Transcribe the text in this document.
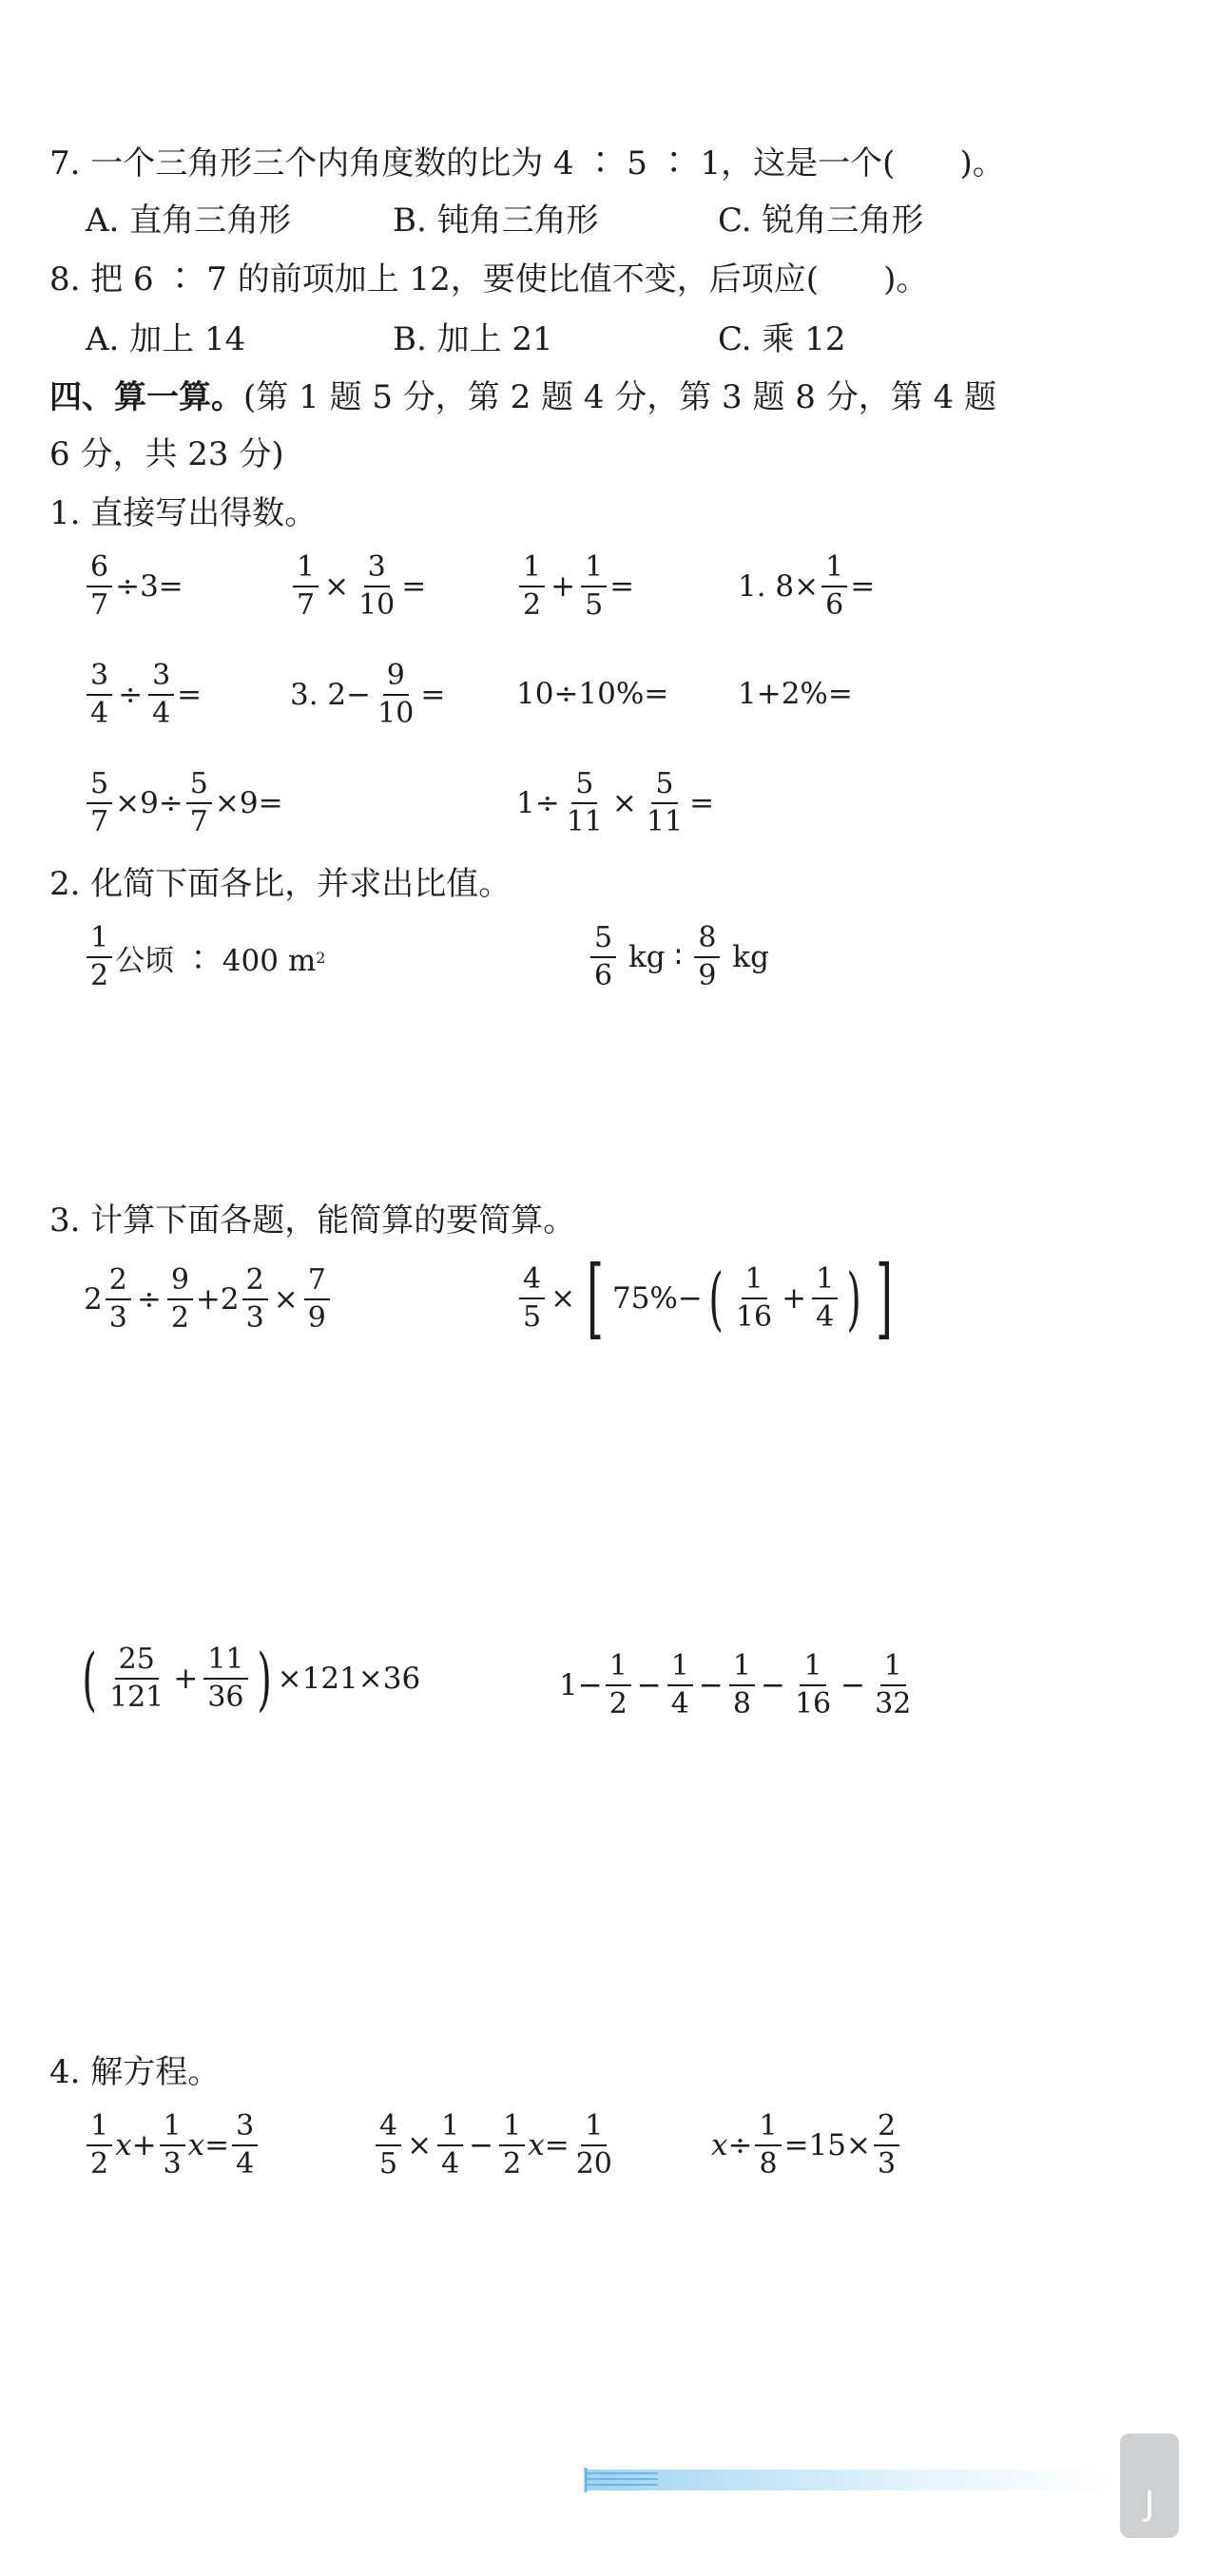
7. 一个三角形三个内角度数的比为 4 ∶ 5 ∶ 1，这是一个(　　)。
A. 直角三角形	B. 钝角三角形	C. 锐角三角形
8. 把 6 ∶ 7 的前项加上 12，要使比值不变，后项应(　　)。
A. 加上 14	B. 加上 21	C. 乘 12
四、算一算。(第 1 题 5 分，第 2 题 4 分，第 3 题 8 分，第 4 题
6 分，共 23 分)
1. 直接写出得数。
$\frac{6}{7} \div 3=$	$\frac{1}{7} \times \frac{3}{10}$ =	$\frac{1}{2} + \frac{1}{5}$ =	1. $8\times \frac{1}{6}$ =
$\frac{3}{4} \div \frac{3}{4}$ =	3. $2- \frac{9}{10} = 10\div 10\%= 1+2\%=$
$\frac{5}{7} \times 9\div \frac{5}{7} \times 9=$	$1\div \frac{5}{11} \times \frac{5}{11}$ =
2. 化简下面各比，并求出比值。
$\frac{1}{2}$ 公顷 ∶ 400 m 2	$\frac{5}{6}$ kg ∶ $\frac{8}{9}$ kg
3. 计算下面各题，能简算的要简算。
$2 \frac{2}{3} \div \frac{9}{2} +2 \frac{2}{3} \times \frac{7}{9}$	$\frac{4}{5}$ × [ 75%− ( $\frac{1}{16} + \frac{1}{4}$ ) ]
( $\frac{25}{121} + \frac{11}{36}$ ) ×121×36	$1- \frac{1}{2} - \frac{1}{4} - \frac{1}{8} - \frac{1}{16} - \frac{1}{32}$
4. 解方程。
$\frac{1}{2} x+ \frac{1}{3} x= \frac{3}{4}$	$\frac{4}{5} \times \frac{1}{4} - \frac{1}{2} x= \frac{1}{20}$	$x\div \frac{1}{8} =15\times \frac{2}{3}$
J
